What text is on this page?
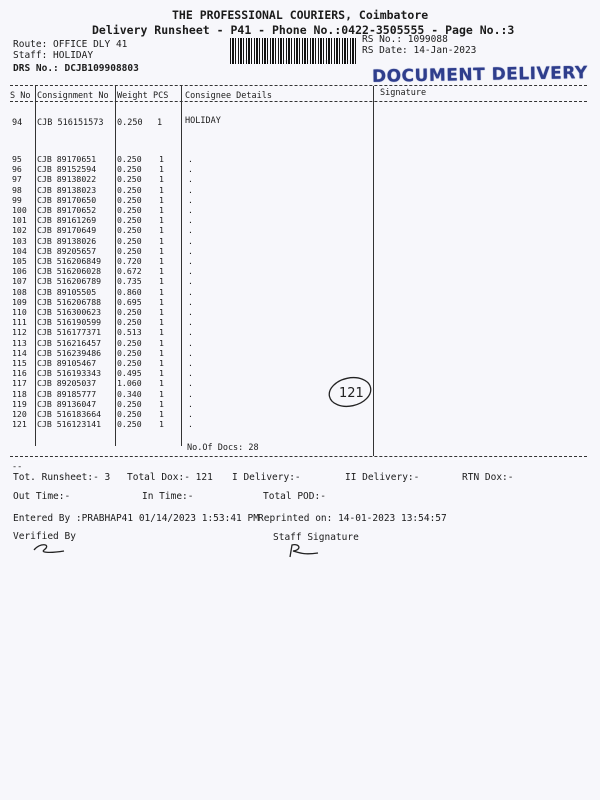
THE PROFESSIONAL COURIERS, Coimbatore
Delivery Runsheet - P41 - Phone No.:0422-3505555 - Page No.:3
Route: OFFICE DLY 41
Staff: HOLIDAY
DRS No.: DCJB109908803
RS No.: 1099088
RS Date: 14-Jan-2023
DOCUMENT DELIVERY
S No Consignment No Weight PCS Consignee Details	Signature
94 CJB 516151573 0.250 1	HOLIDAY
95 CJB 89170651	0.250 1	.
96 CJB 89152594	0.250 1	.
97 CJB 89138022	0.250 1	.
98 CJB 89138023	0.250 1	.
99 CJB 89170650	0.250 1	.
100 CJB 89170652	0.250 1	.
101 CJB 89161269	0.250 1	.
102 CJB 89170649	0.250 1	.
103 CJB 89138026	0.250 1	.
104 CJB 89205657	0.250 1	.
105 CJB 516206849 0.720 1	.
106 CJB 516206028 0.672 1	.
107 CJB 516206789 0.735 1	.
108 CJB 89105505	0.860 1	.
109 CJB 516206788 0.695 1	.
110 CJB 516300623 0.250 1	.
111 CJB 516190599 0.250 1	.
112 CJB 516177371 0.513 1	.
113 CJB 516216457 0.250 1	.
114 CJB 516239486 0.250 1	.
115 CJB 89105467	0.250 1	.
116 CJB 516193343 0.495 1	.
117 CJB 89205037	1.060 1	.
118 CJB 89185777	0.340 1	.
119 CJB 89136047	0.250 1	.
120 CJB 516183664 0.250 1	.
121 CJB 516123141 0.250 1	.
No.Of Docs: 28
121
--
Tot. Runsheet:- 3 Total Dox:- 121 I Delivery:-	II Delivery:-	RTN Dox:-
Out Time:-	In Time:-	Total POD:-
Entered By :PRABHAP41 01/14/2023 1:53:41 PM Reprinted on: 14-01-2023 13:54:57
Verified By	Staff Signature
